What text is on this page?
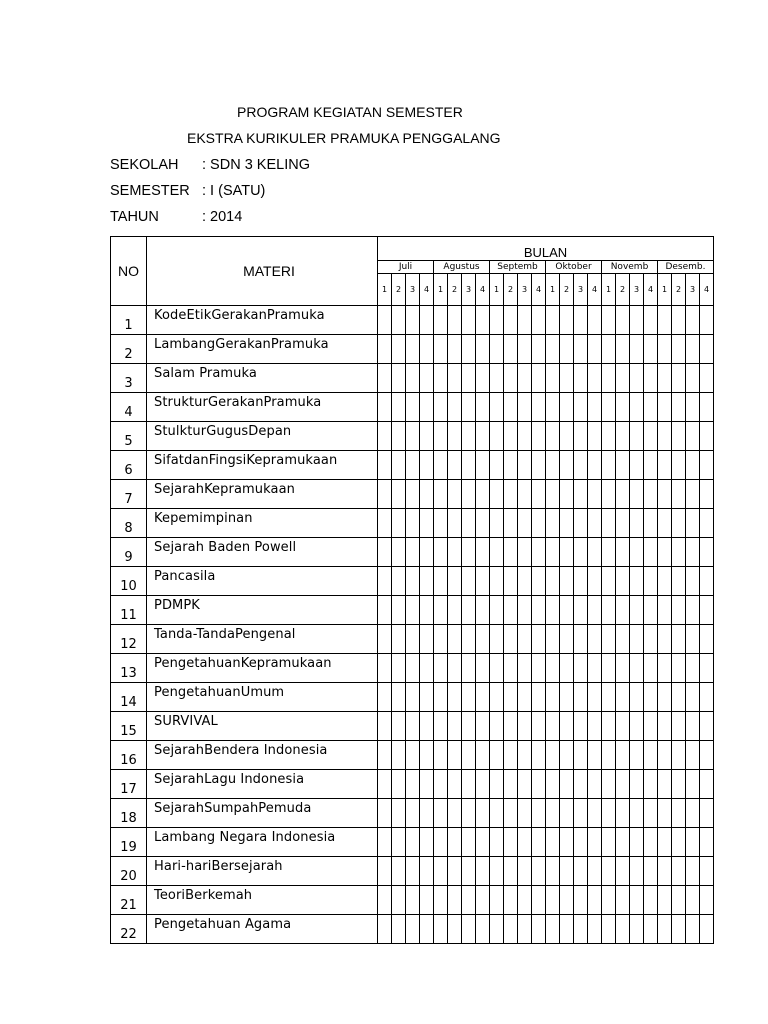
PROGRAM KEGIATAN SEMESTER
EKSTRA KURIKULER PRAMUKA PENGGALANG
SEKOLAH : SDN 3 KELING
SEMESTER : I (SATU)
TAHUN	: 2014
NO	MATERI	BULAN																							
		Juli				Agustus				Septemb				Oktober				Novemb				Desemb.			
		1	2	3	4	1	2	3	4	1	2	3	4	1	2	3	4	1	2	3	4	1	2	3	4
1	KodeEtikGerakanPramuka																								
2	LambangGerakanPramuka																								
3	Salam Pramuka																								
4	StrukturGerakanPramuka																								
5	StulkturGugusDepan																								
6	SifatdanFingsiKepramukaan																								
7	SejarahKepramukaan																								
8	Kepemimpinan																								
9	Sejarah Baden Powell																								
10	Pancasila																								
11	PDMPK																								
12	Tanda-TandaPengenal																								
13	PengetahuanKepramukaan																								
14	PengetahuanUmum																								
15	SURVIVAL																								
16	SejarahBendera Indonesia																								
17	SejarahLagu Indonesia																								
18	SejarahSumpahPemuda																								
19	Lambang Negara Indonesia																								
20	Hari-hariBersejarah																								
21	TeoriBerkemah																								
22	Pengetahuan Agama																								
